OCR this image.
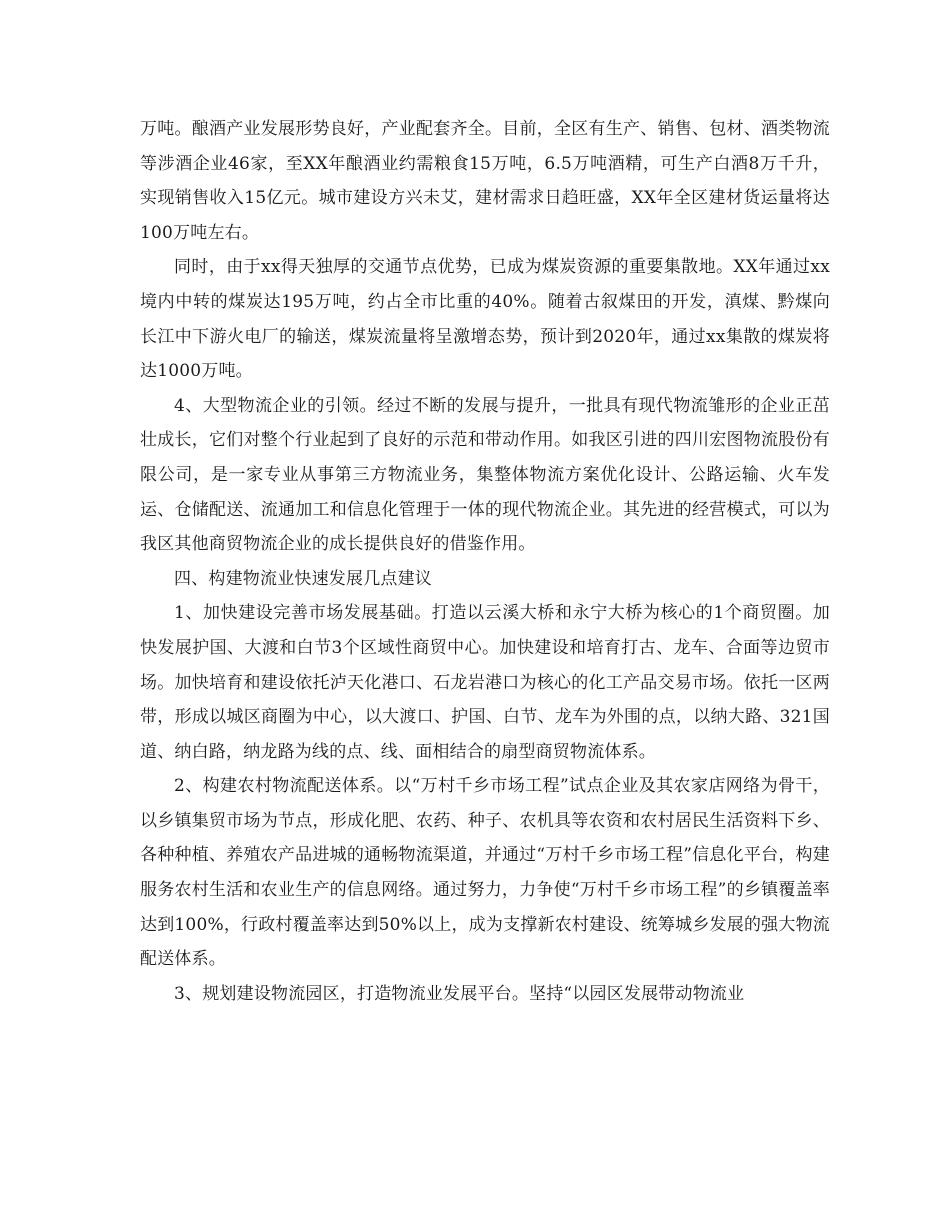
万吨。酿酒产业发展形势良好，产业配套齐全。目前，全区有生产、销售、包材、酒类物流等涉酒企业46家，至XX年酿酒业约需粮食15万吨，6.5万吨酒精，可生产白酒8万千升，实现销售收入15亿元。城市建设方兴未艾，建材需求日趋旺盛，XX年全区建材货运量将达100万吨左右。

同时，由于xx得天独厚的交通节点优势，已成为煤炭资源的重要集散地。XX年通过xx境内中转的煤炭达195万吨，约占全市比重的40%。随着古叙煤田的开发，滇煤、黔煤向长江中下游火电厂的输送，煤炭流量将呈激增态势，预计到2020年，通过xx集散的煤炭将达1000万吨。

4、大型物流企业的引领。经过不断的发展与提升，一批具有现代物流雏形的企业正茁壮成长，它们对整个行业起到了良好的示范和带动作用。如我区引进的四川宏图物流股份有限公司，是一家专业从事第三方物流业务，集整体物流方案优化设计、公路运输、火车发运、仓储配送、流通加工和信息化管理于一体的现代物流企业。其先进的经营模式，可以为我区其他商贸物流企业的成长提供良好的借鉴作用。

四、构建物流业快速发展几点建议

1、加快建设完善市场发展基础。打造以云溪大桥和永宁大桥为核心的1个商贸圈。加快发展护国、大渡和白节3个区域性商贸中心。加快建设和培育打古、龙车、合面等边贸市场。加快培育和建设依托泸天化港口、石龙岩港口为核心的化工产品交易市场。依托一区两带，形成以城区商圈为中心，以大渡口、护国、白节、龙车为外围的点，以纳大路、321国道、纳白路，纳龙路为线的点、线、面相结合的扇型商贸物流体系。

2、构建农村物流配送体系。以“万村千乡市场工程”试点企业及其农家店网络为骨干，以乡镇集贸市场为节点，形成化肥、农药、种子、农机具等农资和农村居民生活资料下乡、各种种植、养殖农产品进城的通畅物流渠道，并通过“万村千乡市场工程”信息化平台，构建服务农村生活和农业生产的信息网络。通过努力，力争使“万村千乡市场工程”的乡镇覆盖率达到100%，行政村覆盖率达到50%以上，成为支撑新农村建设、统筹城乡发展的强大物流配送体系。

3、规划建设物流园区，打造物流业发展平台。坚持“以园区发展带动物流业
